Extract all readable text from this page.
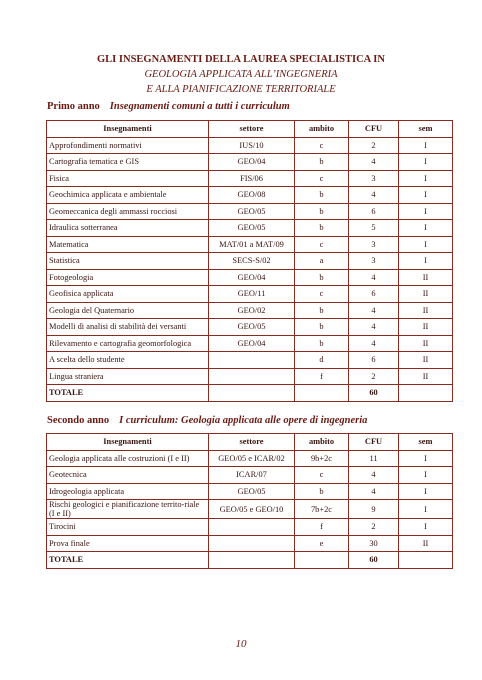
GLI INSEGNAMENTI DELLA LAUREA SPECIALISTICA IN
GEOLOGIA APPLICATA ALL’INGEGNERIA
E ALLA PIANIFICAZIONE TERRITORIALE
Primo anno Insegnamenti comuni a tutti i curriculum
Insegnamenti	settore	ambito	CFU	sem
Approfondimenti normativi	IUS/10	c	2	I
Cartografia tematica e GIS	GEO/04	b	4	I
Fisica	FIS/06	c	3	I
Geochimica applicata e ambientale	GEO/08	b	4	I
Geomeccanica degli ammassi rocciosi	GEO/05	b	6	I
Idraulica sotterranea	GEO/05	b	5	I
Matematica	MAT/01 a MAT/09	c	3	I
Statistica	SECS-S/02	a	3	I
Fotogeologia	GEO/04	b	4	II
Geofisica applicata	GEO/11	c	6	II
Geologia del Quaternario	GEO/02	b	4	II
Modelli di analisi di stabilità dei versanti	GEO/05	b	4	II
Rilevamento e cartografia geomorfologica	GEO/04	b	4	II
A scelta dello studente		d	6	II
Lingua straniera		f	2	II
TOTALE			60	
Secondo anno I curriculum: Geologia applicata alle opere di ingegneria
Insegnamenti	settore	ambito	CFU	sem
Geologia applicata alle costruzioni (I e II)	GEO/05 e ICAR/02	9b+2c	11	I
Geotecnica	ICAR/07	c	4	I
Idrogeologia applicata	GEO/05	b	4	I
Rischi geologici e pianificazione territo-riale (I e II)	GEO/05 e GEO/10	7b+2c	9	I
Tirocini		f	2	I
Prova finale		e	30	II
TOTALE			60	
10
